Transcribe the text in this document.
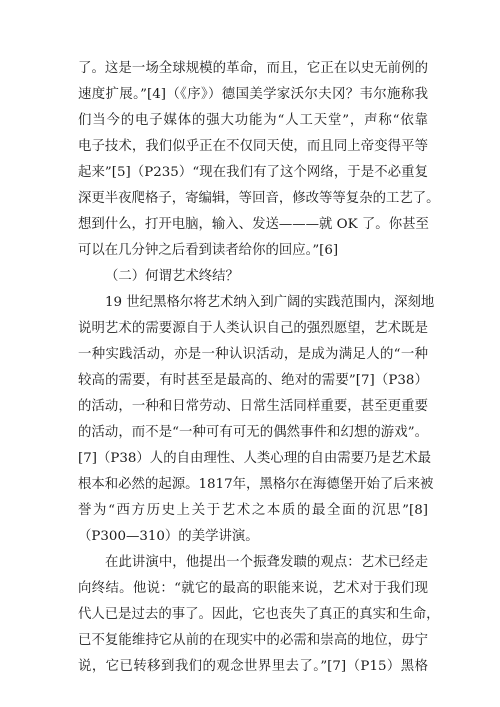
了。这是一场全球规模的革命，而且，它正在以史无前例的
速度扩展。”[4]（《序》）德国美学家沃尔夫冈？韦尔施称我
们当今的电子媒体的强大功能为“人工天堂”，声称“依靠
电子技术，我们似乎正在不仅同天使，而且同上帝变得平等
起来”[5]（P235）“现在我们有了这个网络，于是不必重复
深更半夜爬格子，寄编辑，等回音，修改等等复杂的工艺了。
想到什么，打开电脑，输入、发送———就 OK 了。你甚至
可以在几分钟之后看到读者给你的回应。”[6]
（二）何谓艺术终结？
19 世纪黑格尔将艺术纳入到广阔的实践范围内，深刻地
说明艺术的需要源自于人类认识自己的强烈愿望，艺术既是
一种实践活动，亦是一种认识活动，是成为满足人的“一种
较高的需要，有时甚至是最高的、绝对的需要”[7]（P38）
的活动，一种和日常劳动、日常生活同样重要，甚至更重要
的活动，而不是“一种可有可无的偶然事件和幻想的游戏”。
[7]（P38）人的自由理性、人类心理的自由需要乃是艺术最
根本和必然的起源。1817年，黑格尔在海德堡开始了后来被
誉为“西方历史上关于艺术之本质的最全面的沉思”[8]
（P300—310）的美学讲演。
在此讲演中，他提出一个振聋发聩的观点：艺术已经走
向终结。他说：“就它的最高的职能来说，艺术对于我们现
代人已是过去的事了。因此，它也丧失了真正的真实和生命，
已不复能维持它从前的在现实中的必需和崇高的地位，毋宁
说，它已转移到我们的观念世界里去了。”[7]（P15）黑格
